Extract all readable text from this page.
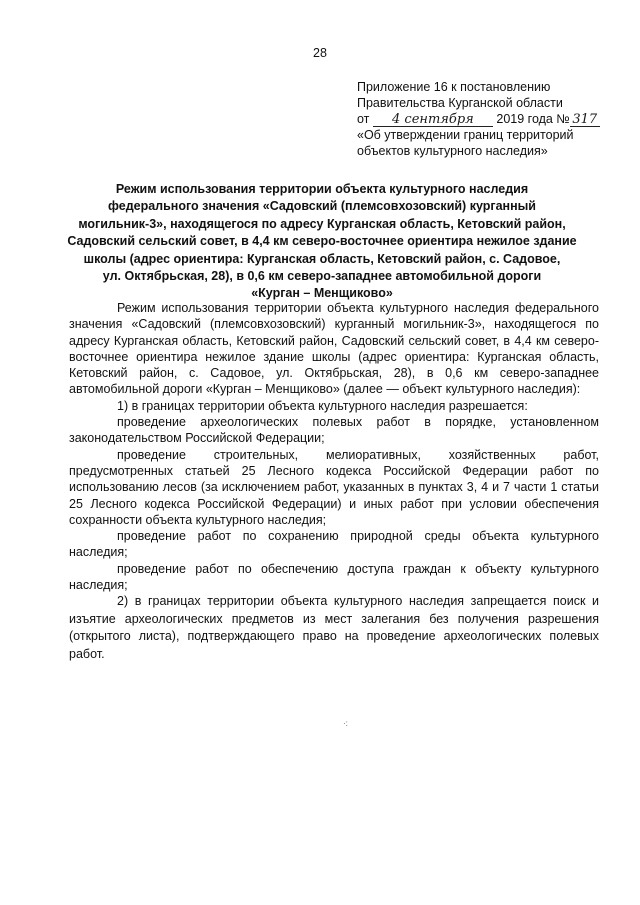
28
Приложение 16 к постановлению
Правительства Курганской области
от 4 сентября 2019 года № 317
«Об утверждении границ территорий
объектов культурного наследия»
Режим использования территории объекта культурного наследия
федерального значения «Садовский (племсовхозовский) курганный
могильник-3», находящегося по адресу Курганская область, Кетовский район,
Садовский сельский совет, в 4,4 км северо-восточнее ориентира нежилое здание
школы (адрес ориентира: Курганская область, Кетовский район, с. Садовое,
ул. Октябрьская, 28), в 0,6 км северо-западнее автомобильной дороги
«Курган – Менщиково»

Режим использования территории объекта культурного наследия федерального значения «Садовский (племсовхозовский) курганный могильник-3», находящегося по адресу Курганская область, Кетовский район, Садовский сельский совет, в 4,4 км северо-восточнее ориентира нежилое здание школы (адрес ориентира: Курганская область, Кетовский район, с. Садовое, ул. Октябрьская, 28), в 0,6 км северо-западнее автомобильной дороги «Курган – Менщиково» (далее — объект культурного наследия):

1) в границах территории объекта культурного наследия разрешается:

проведение археологических полевых работ в порядке, установленном законодательством Российской Федерации;

проведение строительных, мелиоративных, хозяйственных работ, предусмотренных статьей 25 Лесного кодекса Российской Федерации работ по использованию лесов (за исключением работ, указанных в пунктах 3, 4 и 7 части 1 статьи 25 Лесного кодекса Российской Федерации) и иных работ при условии обеспечения сохранности объекта культурного наследия;

проведение работ по сохранению природной среды объекта культурного наследия;

проведение работ по обеспечению доступа граждан к объекту культурного наследия;

2) в границах территории объекта культурного наследия запрещается поиск и изъятие археологических предметов из мест залегания без получения разрешения (открытого листа), подтверждающего право на проведение археологических полевых работ.

·:
